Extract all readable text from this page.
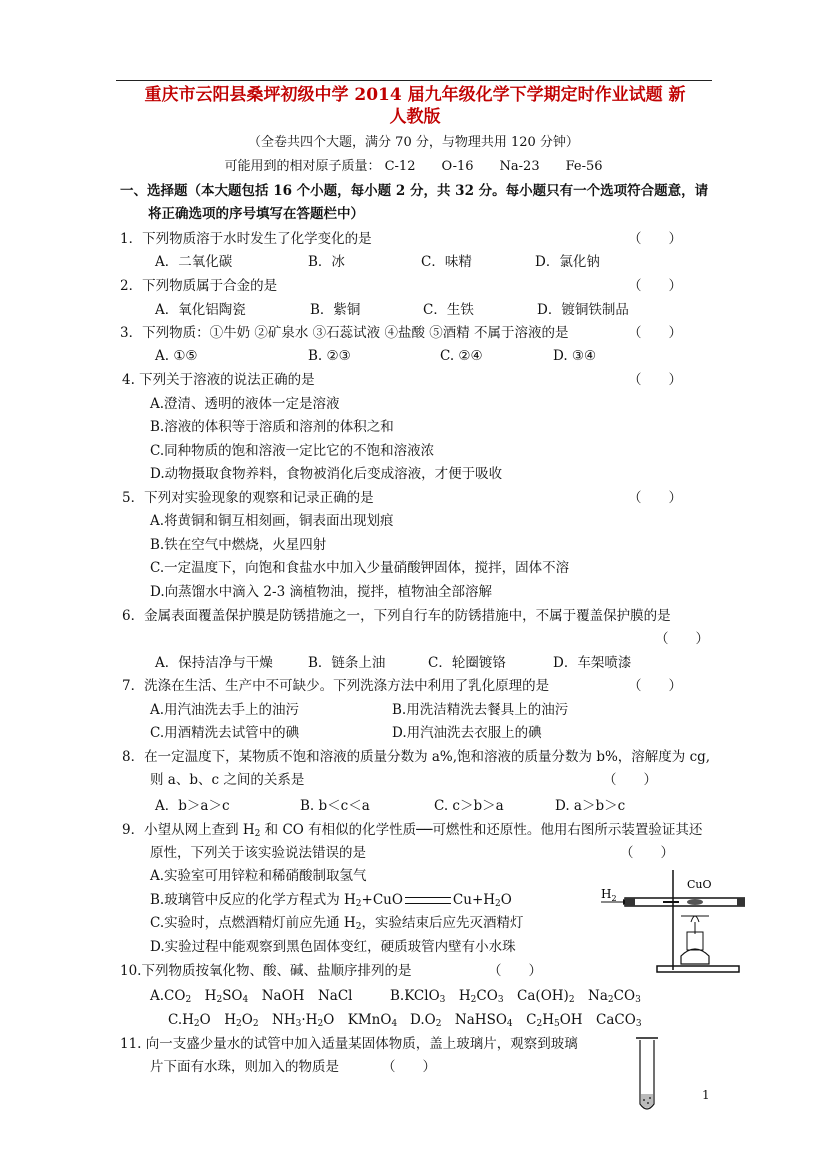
重庆市云阳县桑坪初级中学 2014 届九年级化学下学期定时作业试题 新
人教版
（全卷共四个大题，满分 70 分，与物理共用 120 分钟）
可能用到的相对原子质量： C-12　　O-16　　Na-23　　Fe-56
一、选择题（本大题包括 16 个小题，每小题 2 分，共 32 分。每小题只有一个选项符合题意，请
将正确选项的序号填写在答题栏中）
1．下列物质溶于水时发生了化学变化的是	（　　）
A．二氧化碳	B．冰	C．味精	D．氯化钠
2．下列物质属于合金的是	（　　）
A．氧化铝陶瓷	B．紫铜	C．生铁	D．镀铜铁制品
3．下列物质：①牛奶 ②矿泉水 ③石蕊试液 ④盐酸 ⑤酒精 不属于溶液的是	（　　）
A. ①⑤	B. ②③	C. ②④	D. ③④
4. 下列关于溶液的说法正确的是	（　　）
A.澄清、透明的液体一定是溶液
B.溶液的体积等于溶质和溶剂的体积之和
C.同种物质的饱和溶液一定比它的不饱和溶液浓
D.动物摄取食物养料，食物被消化后变成溶液，才便于吸收
5．下列对实验现象的观察和记录正确的是	（　　）
A.将黄铜和铜互相刻画，铜表面出现划痕
B.铁在空气中燃烧，火星四射
C.一定温度下，向饱和食盐水中加入少量硝酸钾固体，搅拌，固体不溶
D.向蒸馏水中滴入 2-3 滴植物油，搅拌，植物油全部溶解
6．金属表面覆盖保护膜是防锈措施之一，下列自行车的防锈措施中，不属于覆盖保护膜的是
（　　）
A．保持洁净与干燥	B．链条上油	C．轮圈镀铬	D．车架喷漆
7．洗涤在生活、生产中不可缺少。下列洗涤方法中利用了乳化原理的是	（　　）
A.用汽油洗去手上的油污	B.用洗洁精洗去餐具上的油污
C.用酒精洗去试管中的碘	D.用汽油洗去衣服上的碘
8．在一定温度下，某物质不饱和溶液的质量分数为 a%,饱和溶液的质量分数为 b%，溶解度为 cg,
则 a、b、c 之间的关系是	（　　）
A．b＞a＞c	B. b＜c＜a	C. c＞b＞a	D. a＞b＞c
9．小望从网上查到 $H_2$ 和 CO 有相似的化学性质──可燃性和还原性。他用右图所示装置验证其还
原性，下列关于该实验说法错误的是	（　　）
A.实验室可用锌粒和稀硝酸制取氢气
B.玻璃管中反应的化学方程式为 $H_2+CuO$	$Cu+H_2O$
C.实验时，点燃酒精灯前应先通 $H_2$，实验结束后应先灭酒精灯
D.实验过程中能观察到黑色固体变红，硬质玻管内壁有小水珠
$H_2$
CuO
10.下列物质按氧化物、酸、碱、盐顺序排列的是	（　　）
$A.CO_2$　$H_2SO_4$　NaOH　NaCl	B.KClO$_3$　$H_2CO_3$　$Ca(OH)_2$　$Na_2CO_3$
$C.H_2O$　$H_2O_2$　$NH_3\cdot H_2O$　KMnO$_4$ $D.O_2$　NaHSO$_4$　$C_2H_5OH$　CaCO$_3$
11. 向一支盛少量水的试管中加入适量某固体物质，盖上玻璃片，观察到玻璃
片下面有水珠，则加入的物质是	（　　）
1
